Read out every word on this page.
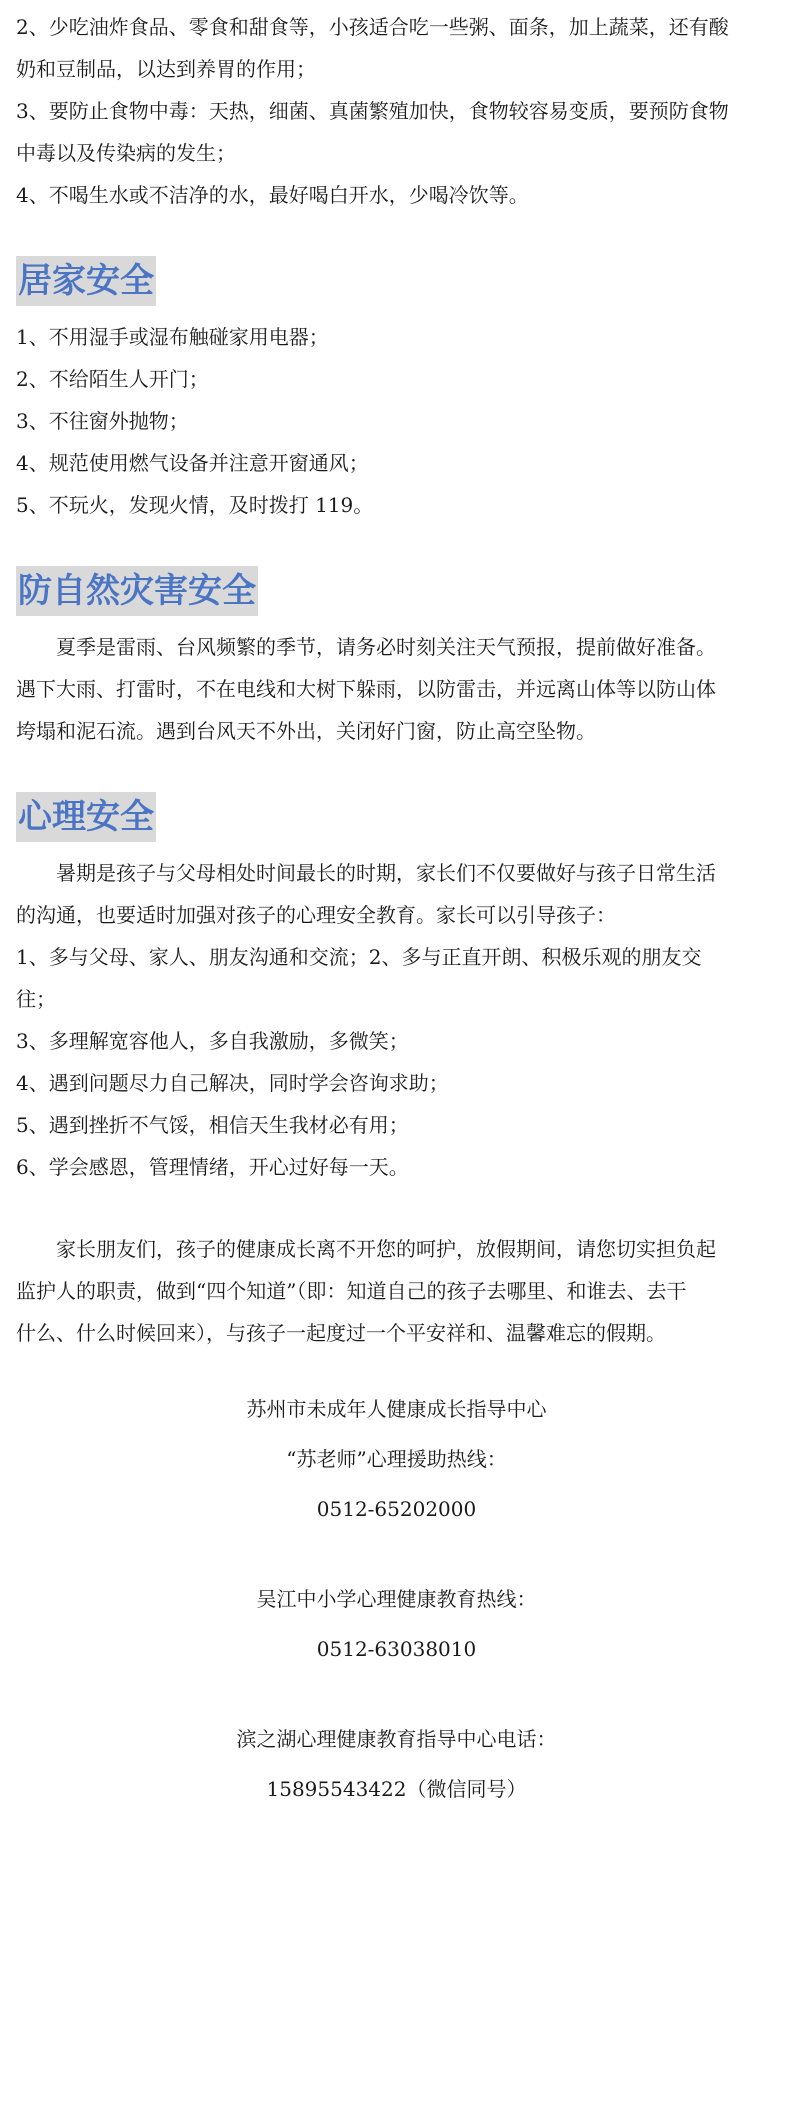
2、少吃油炸食品、零食和甜食等，小孩适合吃一些粥、面条，加上蔬菜，还有酸

奶和豆制品，以达到养胃的作用；

3、要防止食物中毒：天热，细菌、真菌繁殖加快，食物较容易变质，要预防食物

中毒以及传染病的发生；

4、不喝生水或不洁净的水，最好喝白开水，少喝冷饮等。

居家安全

1、不用湿手或湿布触碰家用电器；

2、不给陌生人开门；

3、不往窗外抛物；

4、规范使用燃气设备并注意开窗通风；

5、不玩火，发现火情，及时拨打 119。

防自然灾害安全

夏季是雷雨、台风频繁的季节，请务必时刻关注天气预报，提前做好准备。

遇下大雨、打雷时，不在电线和大树下躲雨，以防雷击，并远离山体等以防山体

垮塌和泥石流。遇到台风天不外出，关闭好门窗，防止高空坠物。

心理安全

暑期是孩子与父母相处时间最长的时期，家长们不仅要做好与孩子日常生活

的沟通，也要适时加强对孩子的心理安全教育。家长可以引导孩子：

1、多与父母、家人、朋友沟通和交流；2、多与正直开朗、积极乐观的朋友交

往；

3、多理解宽容他人，多自我激励，多微笑；

4、遇到问题尽力自己解决，同时学会咨询求助；

5、遇到挫折不气馁，相信天生我材必有用；

6、学会感恩，管理情绪，开心过好每一天。

家长朋友们，孩子的健康成长离不开您的呵护，放假期间，请您切实担负起

监护人的职责，做到“四个知道”（即：知道自己的孩子去哪里、和谁去、去干

什么、什么时候回来），与孩子一起度过一个平安祥和、温馨难忘的假期。

苏州市未成年人健康成长指导中心

“苏老师”心理援助热线：

0512-65202000

吴江中小学心理健康教育热线：

0512-63038010

滨之湖心理健康教育指导中心电话：

15895543422（微信同号）
